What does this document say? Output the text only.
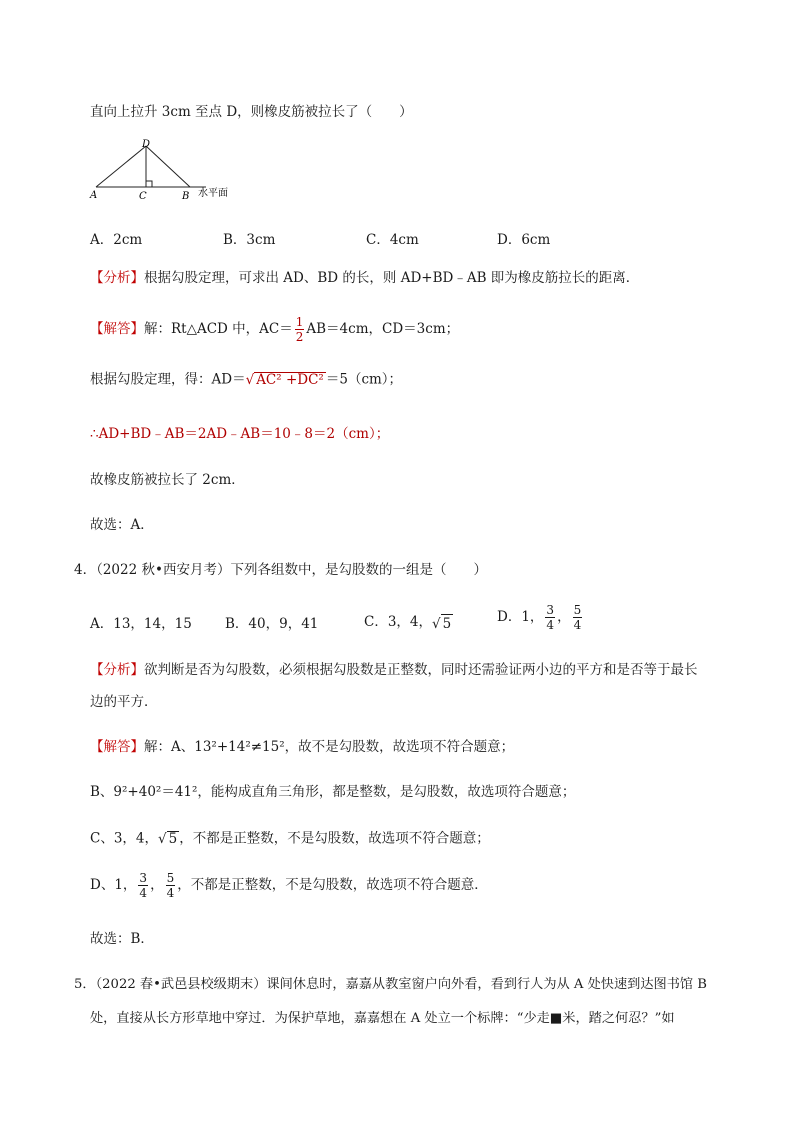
直向上拉升 3cm 至点 D，则橡皮筋被拉长了（　　）
D
A	C	B 水平面
A．2cm	B．3cm	C．4cm	D．6cm
【分析】根据勾股定理，可求出 AD、BD 的长，则 AD+BD﹣AB 即为橡皮筋拉长的距离．
【解答】解：Rt△ACD 中，$AC= \frac{1}{2} AB=4cm$，CD＝3cm；
根据勾股定理，得：AD＝√ AC² +DC² ＝5（cm）；
∴AD+BD﹣AB＝2AD﹣AB＝10﹣8＝2（cm）；
故橡皮筋被拉长了 2cm．
故选：A．
4．（2022 秋•西安月考）下列各组数中，是勾股数的一组是（　　）
A．13，14，15 B．40，9，41	C．3，4，√ 5	D．1， $\frac{3}{4}$ ， $\frac{5}{4}$
【分析】欲判断是否为勾股数，必须根据勾股数是正整数，同时还需验证两小边的平方和是否等于最长
边的平方．
【解答】解：A、13²+14²≠15²，故不是勾股数，故选项不符合题意；
B、9²+40²＝41²，能构成直角三角形，都是整数，是勾股数，故选项符合题意；
C、3，4，√ 5 ，不都是正整数，不是勾股数，故选项不符合题意；
D、1， $\frac{3}{4}$ ， $\frac{5}{4}$ ，不都是正整数，不是勾股数，故选项不符合题意．
故选：B．
5．（2022 春•武邑县校级期末）课间休息时，嘉嘉从教室窗户向外看，看到行人为从 A 处快速到达图书馆 B
处，直接从长方形草地中穿过．为保护草地，嘉嘉想在 A 处立一个标牌：“少走■米，踏之何忍？”如
